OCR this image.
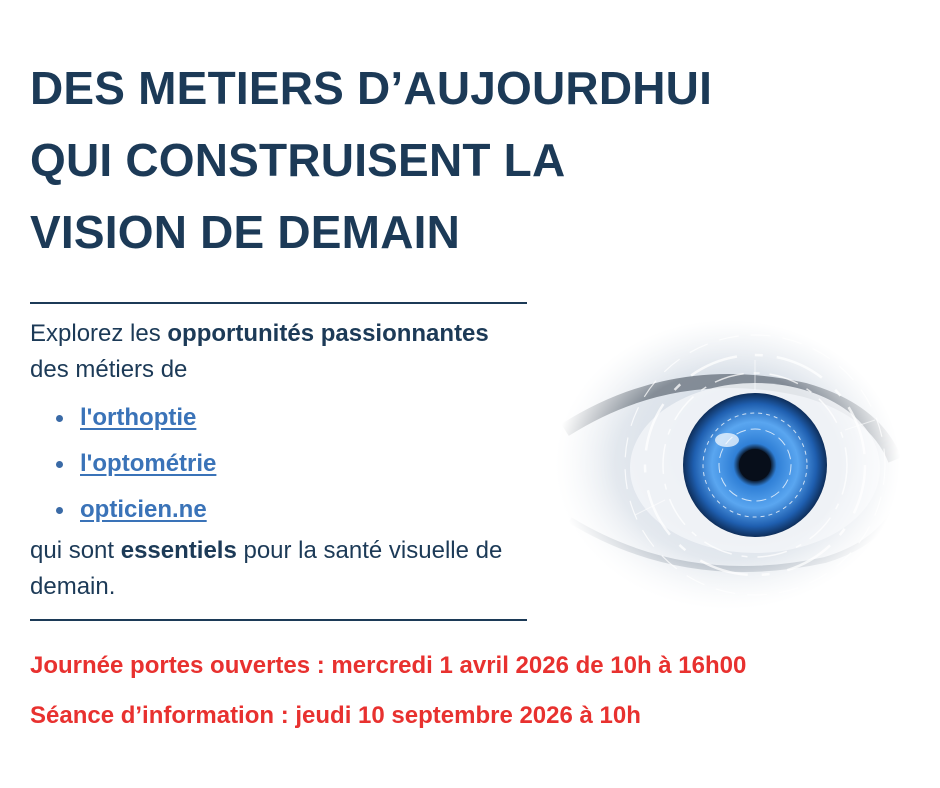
DES METIERS D’AUJOURDHUI
QUI CONSTRUISENT LA
VISION DE DEMAIN

Explorez les opportunités passionnantes des métiers de

l'orthoptie
l'optométrie
opticien.ne

qui sont essentiels pour la santé visuelle de demain.

Journée portes ouvertes : mercredi 1 avril 2026 de 10h à 16h00

Séance d’information : jeudi 10 septembre 2026 à 10h
